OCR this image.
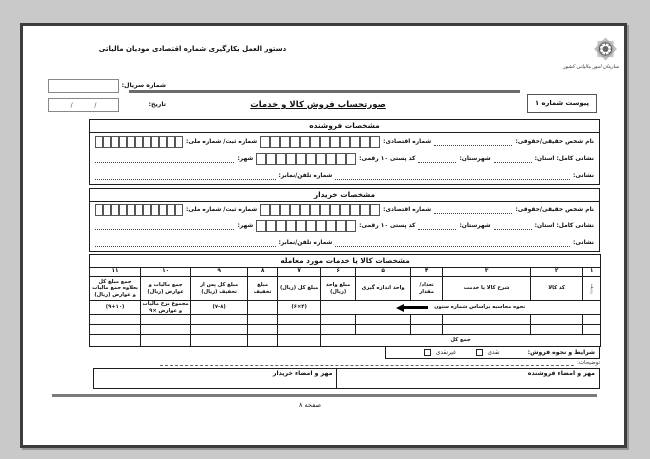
دستور العمل بکارگیری شماره اقتصادی مودیان مالیاتی
سازمان امور مالیاتی کشور
پیوست شماره ۱
صورتحساب فروش کالا و خدمات
شماره سریال:
تاریخ:
/	/
مشخصات فروشنده
نام شخص حقیقی/حقوقی:
شماره اقتصادی:
شماره ثبت/ شماره ملی:
نشانی کامل: استان:
شهرستان:
کد پستی ۱۰ رقمی:
شهر:
نشانی:
شماره تلفن/نمابر:
مشخصات خریدار
نام شخص حقیقی/حقوقی:
شماره اقتصادی:
شماره ثبت/ شماره ملی:
نشانی کامل: استان:
شهرستان:
کد پستی ۱۰ رقمی:
شهر:
نشانی:
شماره تلفن/نمابر:
مشخصات کالا یا خدمات مورد معامله										
۱	۲	۳	۴	۵	۶	۷	۸	۹	۱۰	۱۱
ردیف	کد کالا	شرح کالا یا خدمت	تعداد/ مقدار	واحد اندازه گیری	مبلغ واحد (ریال)	مبلغ کل (ریال)	مبلغ تخفیف	مبلغ کل پس از تخفیف (ریال)	جمع مالیات و عوارض (ریال)	جمع مبلغ کل بعلاوه جمع مالیات و عوارض (ریال)

نحوه محاسبه براساس شماره ستون						(۶×۴)		(۷-۸)	مجموع نرخ مالیات و عوارض ×۹	(۹+۱۰)

جمع کل										
شرایط و نحوه فروش:
نقدی
غیرنقدی
توضیحات:
مهر و امضاء فروشنده
مهر و امضاء خریدار
صفحه ۸
